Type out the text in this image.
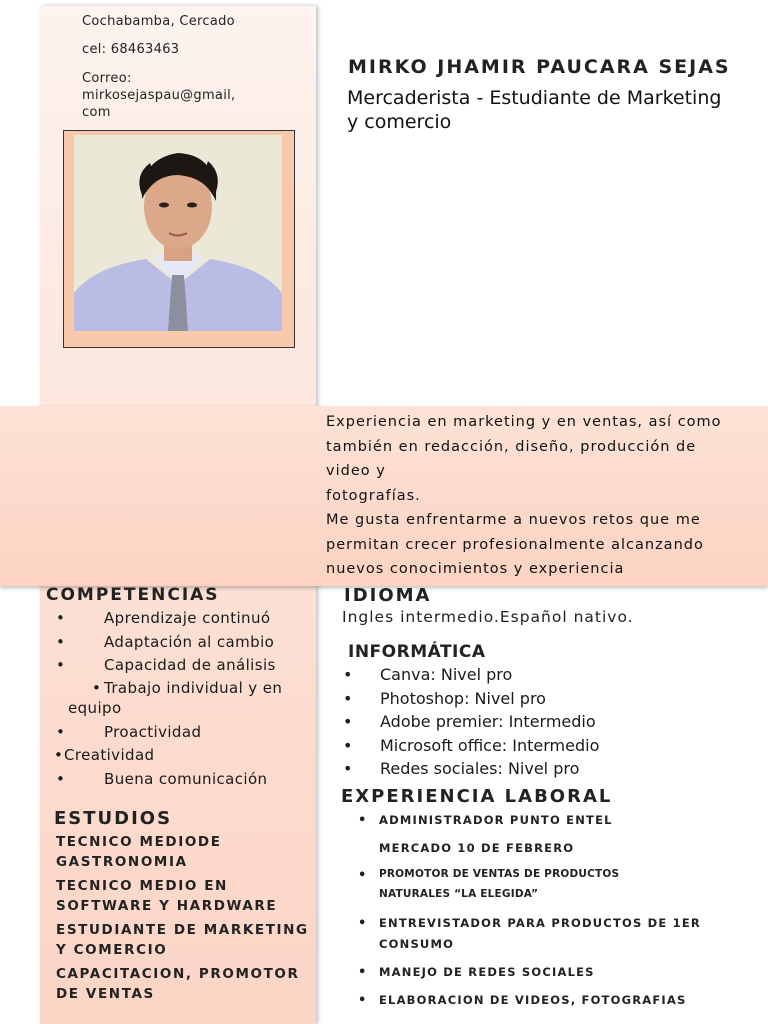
Cochabamba, Cercado
cel: 68463463
Correo:
mirkosejaspau@gmail,
com
MIRKO JHAMIR PAUCARA SEJAS
Mercaderista - Estudiante de Marketing
y comercio
Experiencia en marketing y en ventas, así como
también en redacción, diseño, producción de
video y
fotografías.
Me gusta enfrentarme a nuevos retos que me
permitan crecer profesionalmente alcanzando
nuevos conocimientos y experiencia
COMPETENCIAS
• Aprendizaje continuó
• Adaptación al cambio
• Capacidad de análisis
• Trabajo individual y en equipo
• Proactividad
• Creatividad
• Buena comunicación
ESTUDIOS
TECNICO MEDIODE GASTRONOMIA
TECNICO MEDIO EN SOFTWARE Y HARDWARE
ESTUDIANTE DE MARKETING Y COMERCIO
CAPACITACION, PROMOTOR DE VENTAS
IDIOMA
Ingles intermedio.Español nativo.
INFORMÁTICA
• Canva: Nivel pro
• Photoshop: Nivel pro
• Adobe premier: Intermedio
• Microsoft office: Intermedio
• Redes sociales: Nivel pro
EXPERIENCIA LABORAL
• ADMINISTRADOR PUNTO ENTEL
MERCADO 10 DE FEBRERO
• PROMOTOR DE VENTAS DE PRODUCTOS
NATURALES “LA ELEGIDA”
• ENTREVISTADOR PARA PRODUCTOS DE 1ER
CONSUMO
• MANEJO DE REDES SOCIALES
• ELABORACION DE VIDEOS, FOTOGRAFIAS
